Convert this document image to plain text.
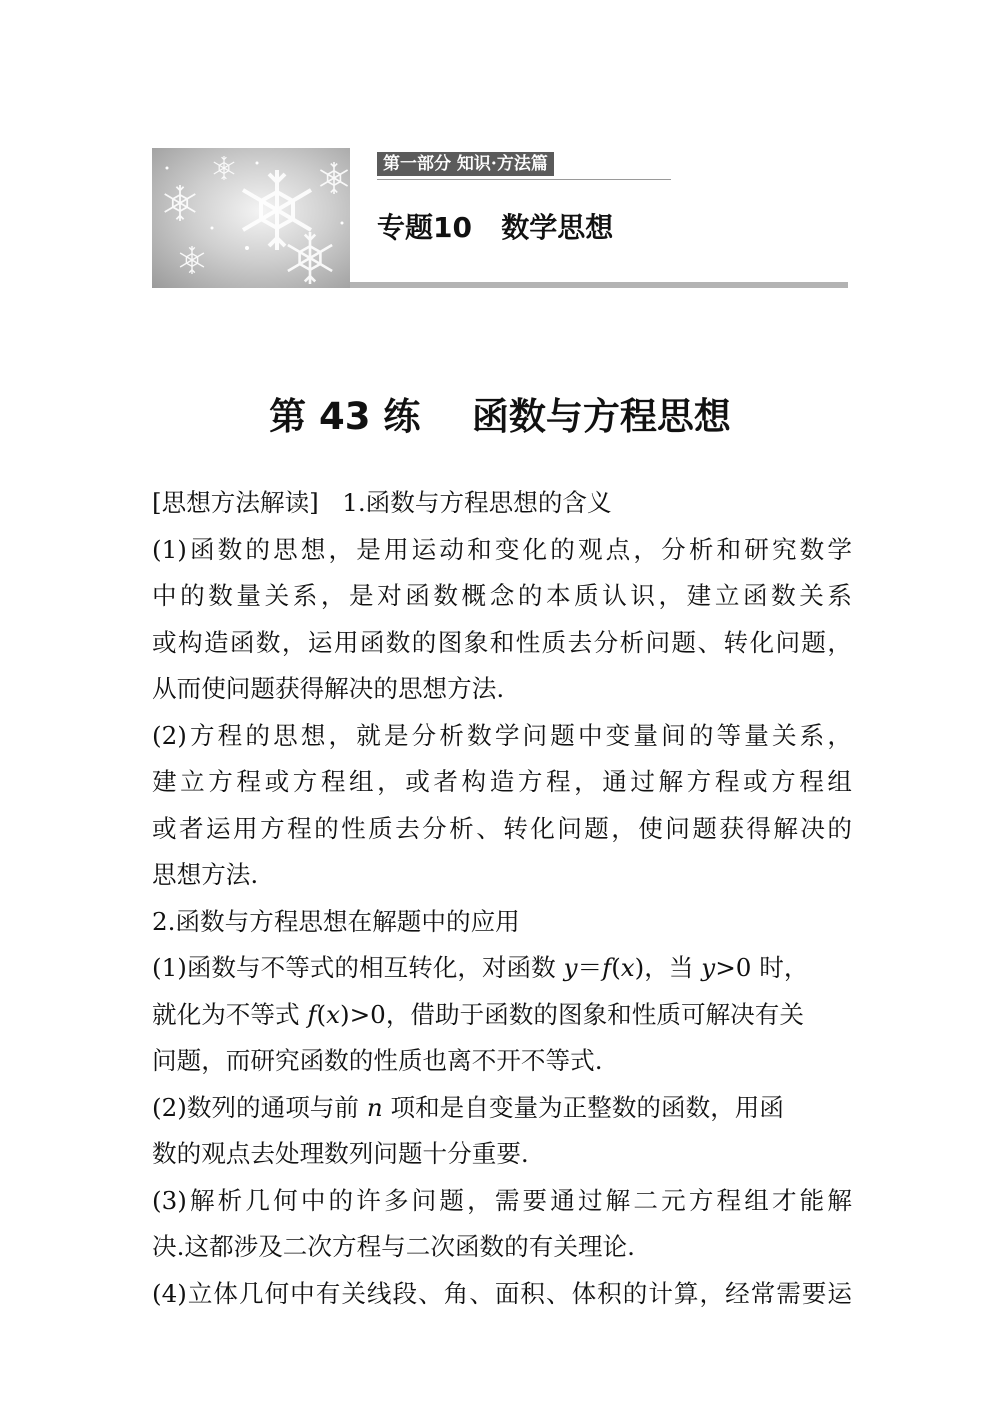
第一部分 知识·方法篇
专题10   数学思想
第 43 练    函数与方程思想
[思想方法解读] 1.函数与方程思想的含义
(1)函数的思想，是用运动和变化的观点，分析和研究数学
中的数量关系，是对函数概念的本质认识，建立函数关系
或构造函数，运用函数的图象和性质去分析问题、转化问题，
从而使问题获得解决的思想方法.
(2)方程的思想，就是分析数学问题中变量间的等量关系，
建立方程或方程组，或者构造方程，通过解方程或方程组
或者运用方程的性质去分析、转化问题，使问题获得解决的
思想方法.
2.函数与方程思想在解题中的应用
(1)函数与不等式的相互转化，对函数 y＝f(x)，当 y>0 时，
就化为不等式 f(x)>0，借助于函数的图象和性质可解决有关
问题，而研究函数的性质也离不开不等式.
(2)数列的通项与前 n 项和是自变量为正整数的函数，用函
数的观点去处理数列问题十分重要.
(3)解析几何中的许多问题，需要通过解二元方程组才能解
决.这都涉及二次方程与二次函数的有关理论.
(4)立体几何中有关线段、角、面积、体积的计算，经常需要运
